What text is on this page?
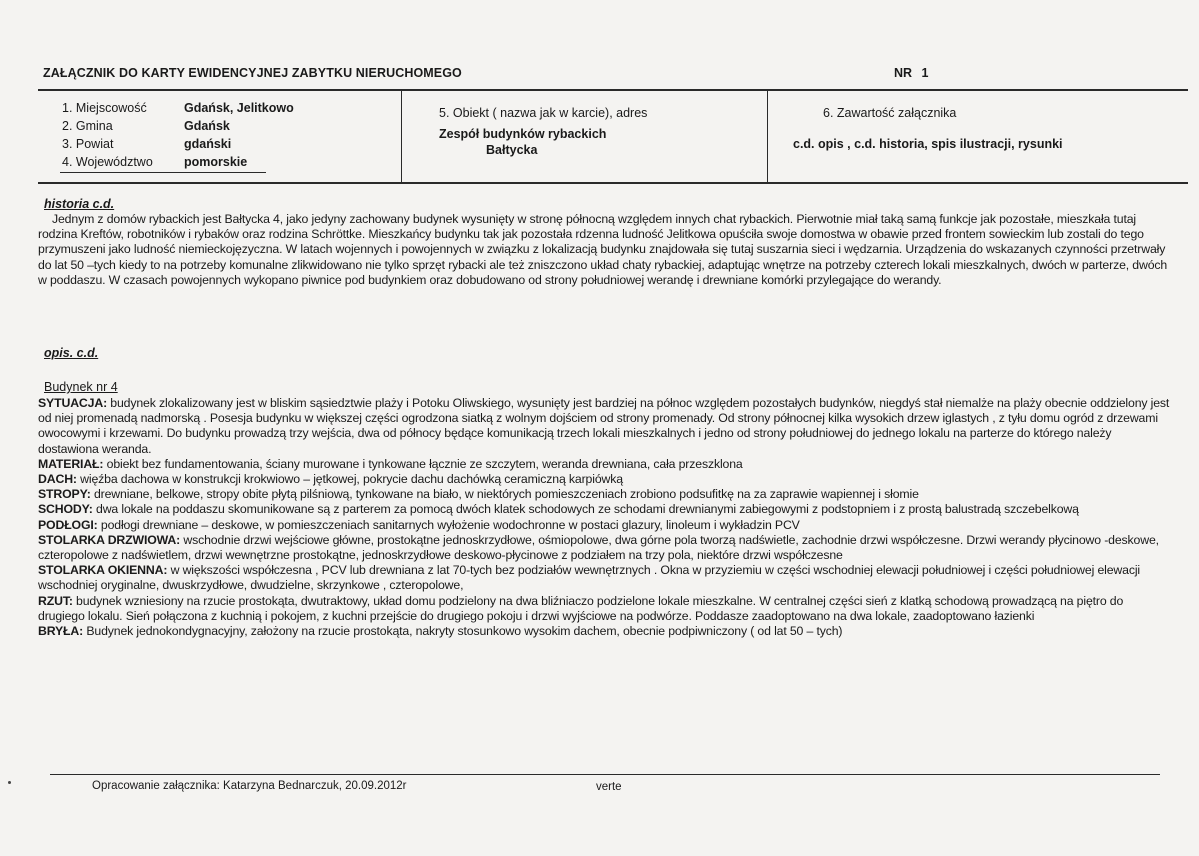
ZAŁĄCZNIK DO KARTY EWIDENCYJNEJ ZABYTKU NIERUCHOMEGO	NR 1
1. Miejscowość	Gdańsk, Jelitkowo
2. Gmina	Gdańsk
3. Powiat	gdański
4. Województwo pomorskie
5. Obiekt ( nazwa jak w karcie), adres
Zespół budynków rybackich
Bałtycka
6. Zawartość załącznika
c.d. opis , c.d. historia, spis ilustracji, rysunki
historia c.d.
Jednym z domów rybackich jest Bałtycka 4, jako jedyny zachowany budynek wysunięty w stronę północną względem innych chat rybackich. Pierwotnie miał taką samą funkcje jak pozostałe, mieszkała tutaj rodzina Kreftów, robotników i rybaków oraz rodzina Schröttke. Mieszkańcy budynku tak jak pozostała rdzenna ludność Jelitkowa opuściła swoje domostwa w obawie przed frontem sowieckim lub zostali do tego przymuszeni jako ludność niemieckojęzyczna. W latach wojennych i powojennych w związku z lokalizacją budynku znajdowała się tutaj suszarnia sieci i wędzarnia. Urządzenia do wskazanych czynności przetrwały do lat 50 –tych kiedy to na potrzeby komunalne zlikwidowano nie tylko sprzęt rybacki ale też zniszczono układ chaty rybackiej, adaptując wnętrze na potrzeby czterech lokali mieszkalnych, dwóch w parterze, dwóch w poddaszu. W czasach powojennych wykopano piwnice pod budynkiem oraz dobudowano od strony południowej werandę i drewniane komórki przylegające do werandy.
opis. c.d.
Budynek nr 4

SYTUACJA: budynek zlokalizowany jest w bliskim sąsiedztwie plaży i Potoku Oliwskiego, wysunięty jest bardziej na północ względem pozostałych budynków, niegdyś stał niemalże na plaży obecnie oddzielony jest od niej promenadą nadmorską . Posesja budynku w większej części ogrodzona siatką z wolnym dojściem od strony promenady. Od strony północnej kilka wysokich drzew iglastych , z tyłu domu ogród z drzewami owocowymi i krzewami. Do budynku prowadzą trzy wejścia, dwa od północy będące komunikacją trzech lokali mieszkalnych i jedno od strony południowej do jednego lokalu na parterze do którego należy dostawiona weranda.

MATERIAŁ: obiekt bez fundamentowania, ściany murowane i tynkowane łącznie ze szczytem, weranda drewniana, cała przeszklona

DACH: więźba dachowa w konstrukcji krokwiowo – jętkowej, pokrycie dachu dachówką ceramiczną karpiówką

STROPY: drewniane, belkowe, stropy obite płytą pilśniową, tynkowane na biało, w niektórych pomieszczeniach zrobiono podsufitkę na za zaprawie wapiennej i słomie

SCHODY: dwa lokale na poddaszu skomunikowane są z parterem za pomocą dwóch klatek schodowych ze schodami drewnianymi zabiegowymi z podstopniem i z prostą balustradą szczebelkową

PODŁOGI: podłogi drewniane – deskowe, w pomieszczeniach sanitarnych wyłożenie wodochronne w postaci glazury, linoleum i wykładzin PCV

STOLARKA DRZWIOWA: wschodnie drzwi wejściowe główne, prostokątne jednoskrzydłowe, ośmiopolowe, dwa górne pola tworzą nadświetle, zachodnie drzwi współczesne. Drzwi werandy płycinowo -deskowe, czteropolowe z nadświetlem, drzwi wewnętrzne prostokątne, jednoskrzydłowe deskowo-płycinowe z podziałem na trzy pola, niektóre drzwi współczesne

STOLARKA OKIENNA: w większości współczesna , PCV lub drewniana z lat 70-tych bez podziałów wewnętrznych . Okna w przyziemiu w części wschodniej elewacji południowej i części południowej elewacji wschodniej oryginalne, dwuskrzydłowe, dwudzielne, skrzynkowe , czteropolowe,

RZUT: budynek wzniesiony na rzucie prostokąta, dwutraktowy, układ domu podzielony na dwa bliźniaczo podzielone lokale mieszkalne. W centralnej części sień z klatką schodową prowadzącą na piętro do drugiego lokalu. Sień połączona z kuchnią i pokojem, z kuchni przejście do drugiego pokoju i drzwi wyjściowe na podwórze. Poddasze zaadoptowano na dwa lokale, zaadoptowano łazienki

BRYŁA: Budynek jednokondygnacyjny, założony na rzucie prostokąta, nakryty stosunkowo wysokim dachem, obecnie podpiwniczony ( od lat 50 – tych)

Opracowanie załącznika: Katarzyna Bednarczuk, 20.09.2012r	verte
